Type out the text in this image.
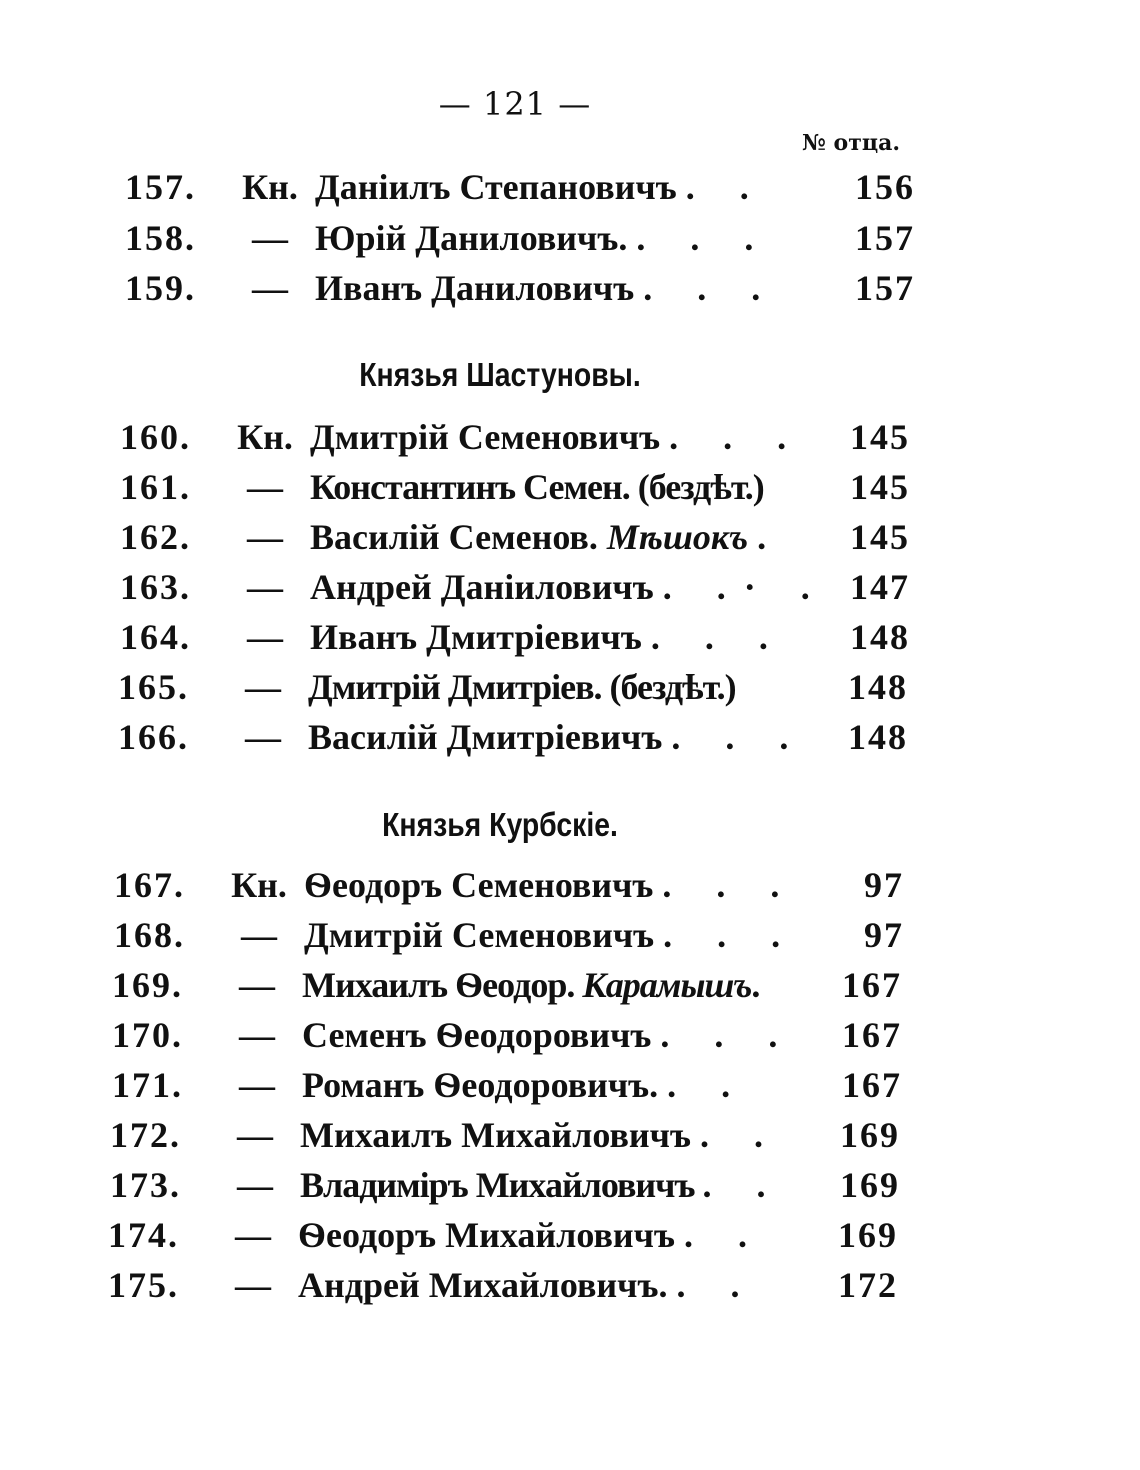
— 121 —
№ отца.
157.	Кн. Даніилъ Степановичъ . .	156
158.	— Юрій Даниловичъ. . . .	157
159.	— Иванъ Даниловичъ . . .	157
Князья Шастуновы.
160.	Кн. Дмитрій Семеновичъ . . .	145
161.	— Константинъ Семен. (бездѣт.)	145
162.	— Василій Семенов. Мѣшокъ .	145
163.	— Андрей Даніиловичъ . .· . 147
164.	— Иванъ Дмитріевичъ . . .	148
165.	— Дмитрій Дмитріев. (бездѣт.)	148
166.	— Василій Дмитріевичъ . . .	148
Князья Курбскіе.
167.	Кн. Ѳеодоръ Семеновичъ . . .	97
168.	— Дмитрій Семеновичъ . . .	97
169.	— Михаилъ Ѳеодор. Карамышъ.	167
170.	— Семенъ Ѳеодоровичъ . . .	167
171.	— Романъ Ѳеодоровичъ. . .	167
172.	— Михаилъ Михайловичъ . .	169
173.	— Владиміръ Михайловичъ . .	169
174.	— Ѳеодоръ Михайловичъ . .	169
175.	— Андрей Михайловичъ. . .	172
